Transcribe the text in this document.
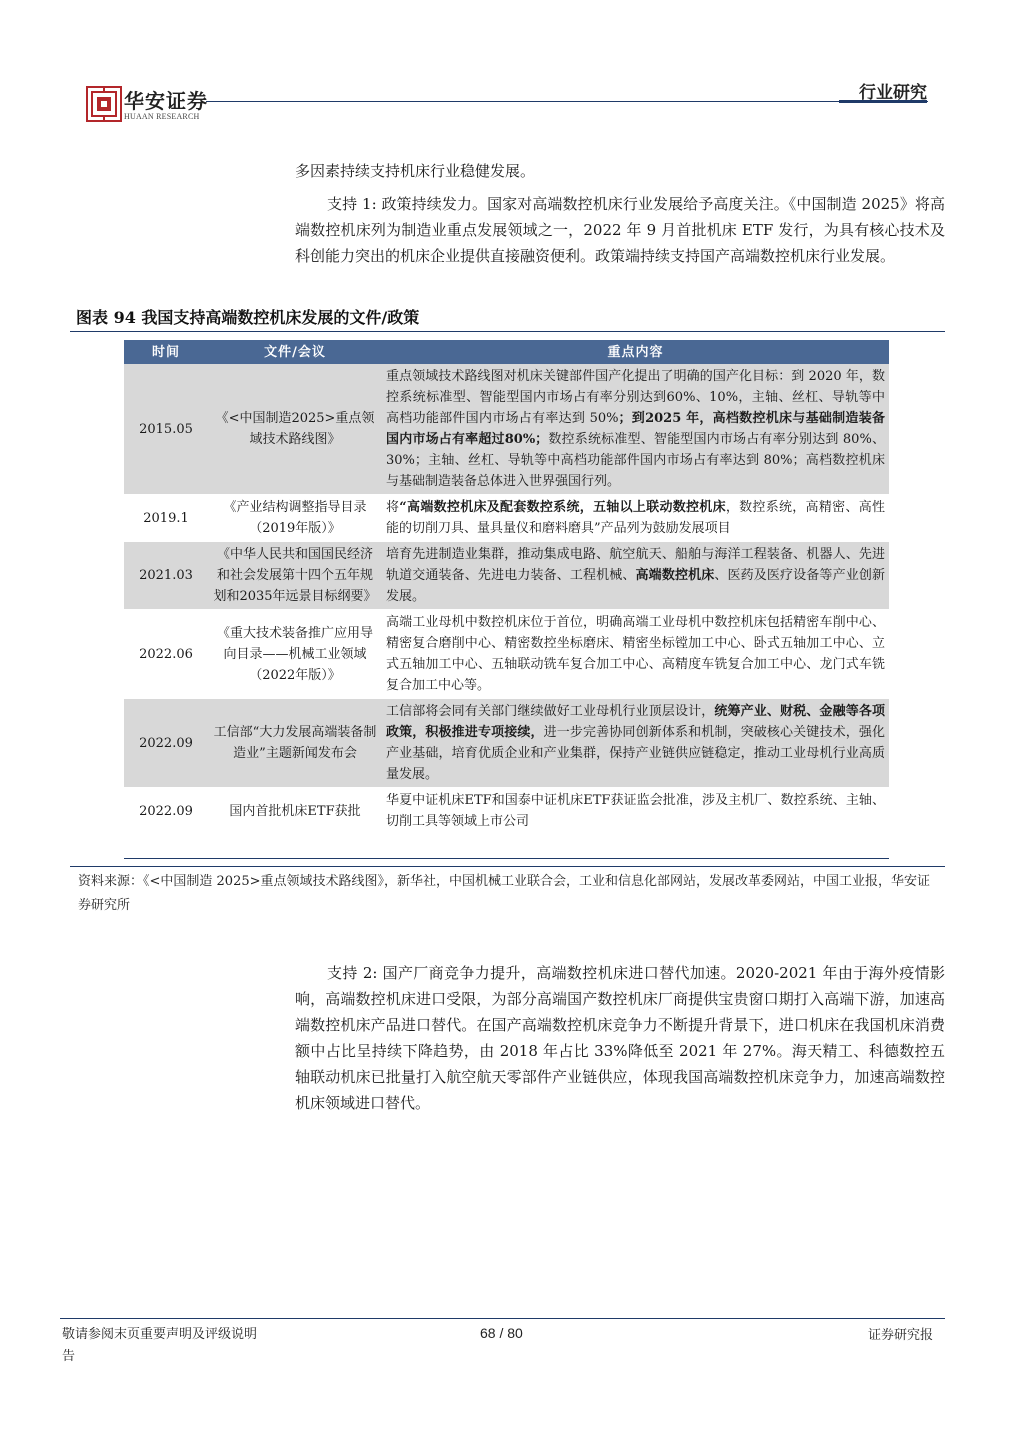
华安证券
HUAAN RESEARCH
行业研究
多因素持续支持机床行业稳健发展。
支持 1: 政策持续发力。国家对高端数控机床行业发展给予高度关注。《中国制造 2025》将高端数控机床列为制造业重点发展领域之一，2022 年 9 月首批机床 ETF 发行，为具有核心技术及科创能力突出的机床企业提供直接融资便利。政策端持续支持国产高端数控机床行业发展。
图表 94 我国支持高端数控机床发展的文件/政策
时间	文件/会议	重点内容
2015.05	《<中国制造2025>重点领域技术路线图》	重点领域技术路线图对机床关键部件国产化提出了明确的国产化目标：到 2020 年，数控系统标准型、智能型国内市场占有率分别达到60%、10%，主轴、丝杠、导轨等中高档功能部件国内市场占有率达到 50%；到2025 年，高档数控机床与基础制造装备国内市场占有率超过80%；数控系统标准型、智能型国内市场占有率分别达到 80%、30%；主轴、丝杠、导轨等中高档功能部件国内市场占有率达到 80%；高档数控机床与基础制造装备总体进入世界强国行列。
2019.1	《产业结构调整指导目录（2019年版）》	将“高端数控机床及配套数控系统，五轴以上联动数控机床，数控系统，高精密、高性能的切削刀具、量具量仪和磨料磨具”产品列为鼓励发展项目
2021.03	《中华人民共和国国民经济和社会发展第十四个五年规划和2035年远景目标纲要》	培育先进制造业集群，推动集成电路、航空航天、船舶与海洋工程装备、机器人、先进轨道交通装备、先进电力装备、工程机械、高端数控机床、医药及医疗设备等产业创新发展。
2022.06	《重大技术装备推广应用导向目录——机械工业领域（2022年版）》	高端工业母机中数控机床位于首位，明确高端工业母机中数控机床包括精密车削中心、精密复合磨削中心、精密数控坐标磨床、精密坐标镗加工中心、卧式五轴加工中心、立式五轴加工中心、五轴联动铣车复合加工中心、高精度车铣复合加工中心、龙门式车铣复合加工中心等。
2022.09	工信部“大力发展高端装备制造业”主题新闻发布会	工信部将会同有关部门继续做好工业母机行业顶层设计，统筹产业、财税、金融等各项政策，积极推进专项接续，进一步完善协同创新体系和机制，突破核心关键技术，强化产业基础，培育优质企业和产业集群，保持产业链供应链稳定，推动工业母机行业高质量发展。
2022.09	国内首批机床ETF获批	华夏中证机床ETF和国泰中证机床ETF获证监会批准，涉及主机厂、数控系统、主轴、切削工具等领域上市公司
资料来源：《<中国制造 2025>重点领域技术路线图》，新华社，中国机械工业联合会，工业和信息化部网站，发展改革委网站，中国工业报，华安证券研究所
支持 2: 国产厂商竞争力提升，高端数控机床进口替代加速。2020-2021 年由于海外疫情影响，高端数控机床进口受限，为部分高端国产数控机床厂商提供宝贵窗口期打入高端下游，加速高端数控机床产品进口替代。在国产高端数控机床竞争力不断提升背景下，进口机床在我国机床消费额中占比呈持续下降趋势，由 2018 年占比 33%降低至 2021 年 27%。海天精工、科德数控五轴联动机床已批量打入航空航天零部件产业链供应，体现我国高端数控机床竞争力，加速高端数控机床领域进口替代。
敬请参阅末页重要声明及评级说明
告
68 / 80	证券研究报
